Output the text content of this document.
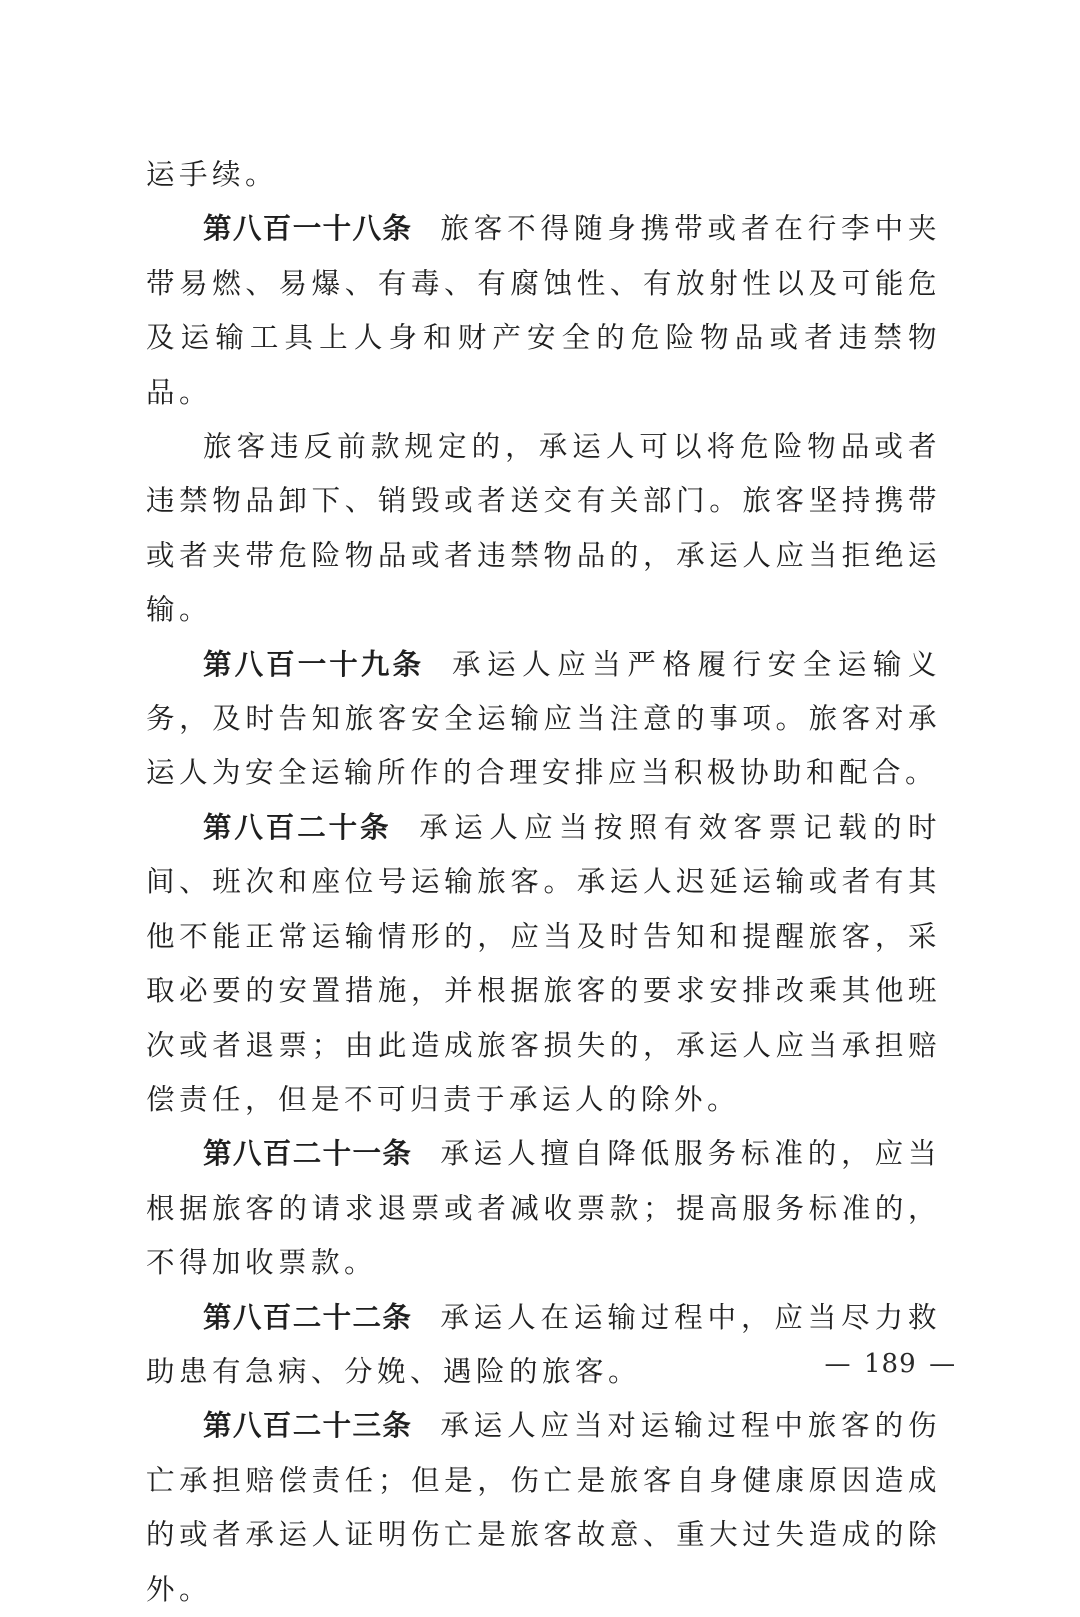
运手续。

第八百一十八条 旅客不得随身携带或者在行李中夹带易燃、易爆、有毒、有腐蚀性、有放射性以及可能危及运输工具上人身和财产安全的危险物品或者违禁物品。

旅客违反前款规定的，承运人可以将危险物品或者违禁物品卸下、销毁或者送交有关部门。旅客坚持携带或者夹带危险物品或者违禁物品的，承运人应当拒绝运输。

第八百一十九条 承运人应当严格履行安全运输义务，及时告知旅客安全运输应当注意的事项。旅客对承运人为安全运输所作的合理安排应当积极协助和配合。

第八百二十条 承运人应当按照有效客票记载的时间、班次和座位号运输旅客。承运人迟延运输或者有其他不能正常运输情形的，应当及时告知和提醒旅客，采取必要的安置措施，并根据旅客的要求安排改乘其他班次或者退票；由此造成旅客损失的，承运人应当承担赔偿责任，但是不可归责于承运人的除外。

第八百二十一条 承运人擅自降低服务标准的，应当根据旅客的请求退票或者减收票款；提高服务标准的，不得加收票款。

第八百二十二条 承运人在运输过程中，应当尽力救助患有急病、分娩、遇险的旅客。

第八百二十三条 承运人应当对运输过程中旅客的伤亡承担赔偿责任；但是，伤亡是旅客自身健康原因造成的或者承运人证明伤亡是旅客故意、重大过失造成的除外。

— 189 —
